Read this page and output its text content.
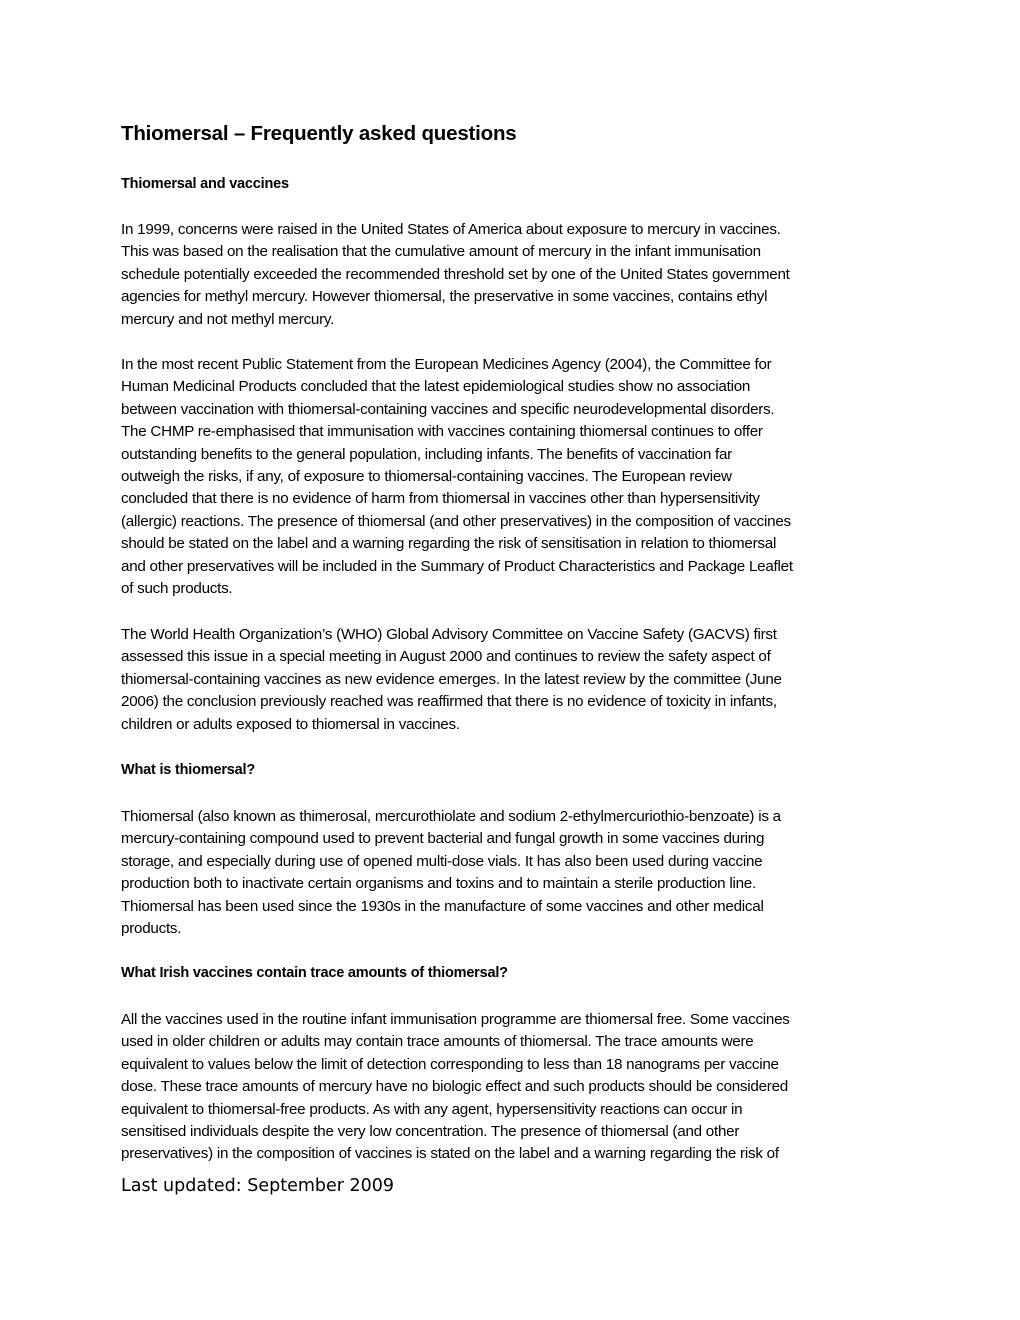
Thiomersal – Frequently asked questions
Thiomersal and vaccines

In 1999, concerns were raised in the United States of America about exposure to mercury in vaccines.
This was based on the realisation that the cumulative amount of mercury in the infant immunisation
schedule potentially exceeded the recommended threshold set by one of the United States government
agencies for methyl mercury. However thiomersal, the preservative in some vaccines, contains ethyl
mercury and not methyl mercury.

In the most recent Public Statement from the European Medicines Agency (2004), the Committee for
Human Medicinal Products concluded that the latest epidemiological studies show no association
between vaccination with thiomersal-containing vaccines and specific neurodevelopmental disorders.
The CHMP re-emphasised that immunisation with vaccines containing thiomersal continues to offer
outstanding benefits to the general population, including infants. The benefits of vaccination far
outweigh the risks, if any, of exposure to thiomersal-containing vaccines. The European review
concluded that there is no evidence of harm from thiomersal in vaccines other than hypersensitivity
(allergic) reactions. The presence of thiomersal (and other preservatives) in the composition of vaccines
should be stated on the label and a warning regarding the risk of sensitisation in relation to thiomersal
and other preservatives will be included in the Summary of Product Characteristics and Package Leaflet
of such products.

The World Health Organization’s (WHO) Global Advisory Committee on Vaccine Safety (GACVS) first
assessed this issue in a special meeting in August 2000 and continues to review the safety aspect of
thiomersal-containing vaccines as new evidence emerges. In the latest review by the committee (June
2006) the conclusion previously reached was reaffirmed that there is no evidence of toxicity in infants,
children or adults exposed to thiomersal in vaccines.

What is thiomersal?

Thiomersal (also known as thimerosal, mercurothiolate and sodium 2-ethylmercuriothio-benzoate) is a
mercury-containing compound used to prevent bacterial and fungal growth in some vaccines during
storage, and especially during use of opened multi-dose vials. It has also been used during vaccine
production both to inactivate certain organisms and toxins and to maintain a sterile production line.
Thiomersal has been used since the 1930s in the manufacture of some vaccines and other medical
products.

What Irish vaccines contain trace amounts of thiomersal?

All the vaccines used in the routine infant immunisation programme are thiomersal free. Some vaccines
used in older children or adults may contain trace amounts of thiomersal. The trace amounts were
equivalent to values below the limit of detection corresponding to less than 18 nanograms per vaccine
dose. These trace amounts of mercury have no biologic effect and such products should be considered
equivalent to thiomersal-free products. As with any agent, hypersensitivity reactions can occur in
sensitised individuals despite the very low concentration. The presence of thiomersal (and other
preservatives) in the composition of vaccines is stated on the label and a warning regarding the risk of

Last updated: September 2009
